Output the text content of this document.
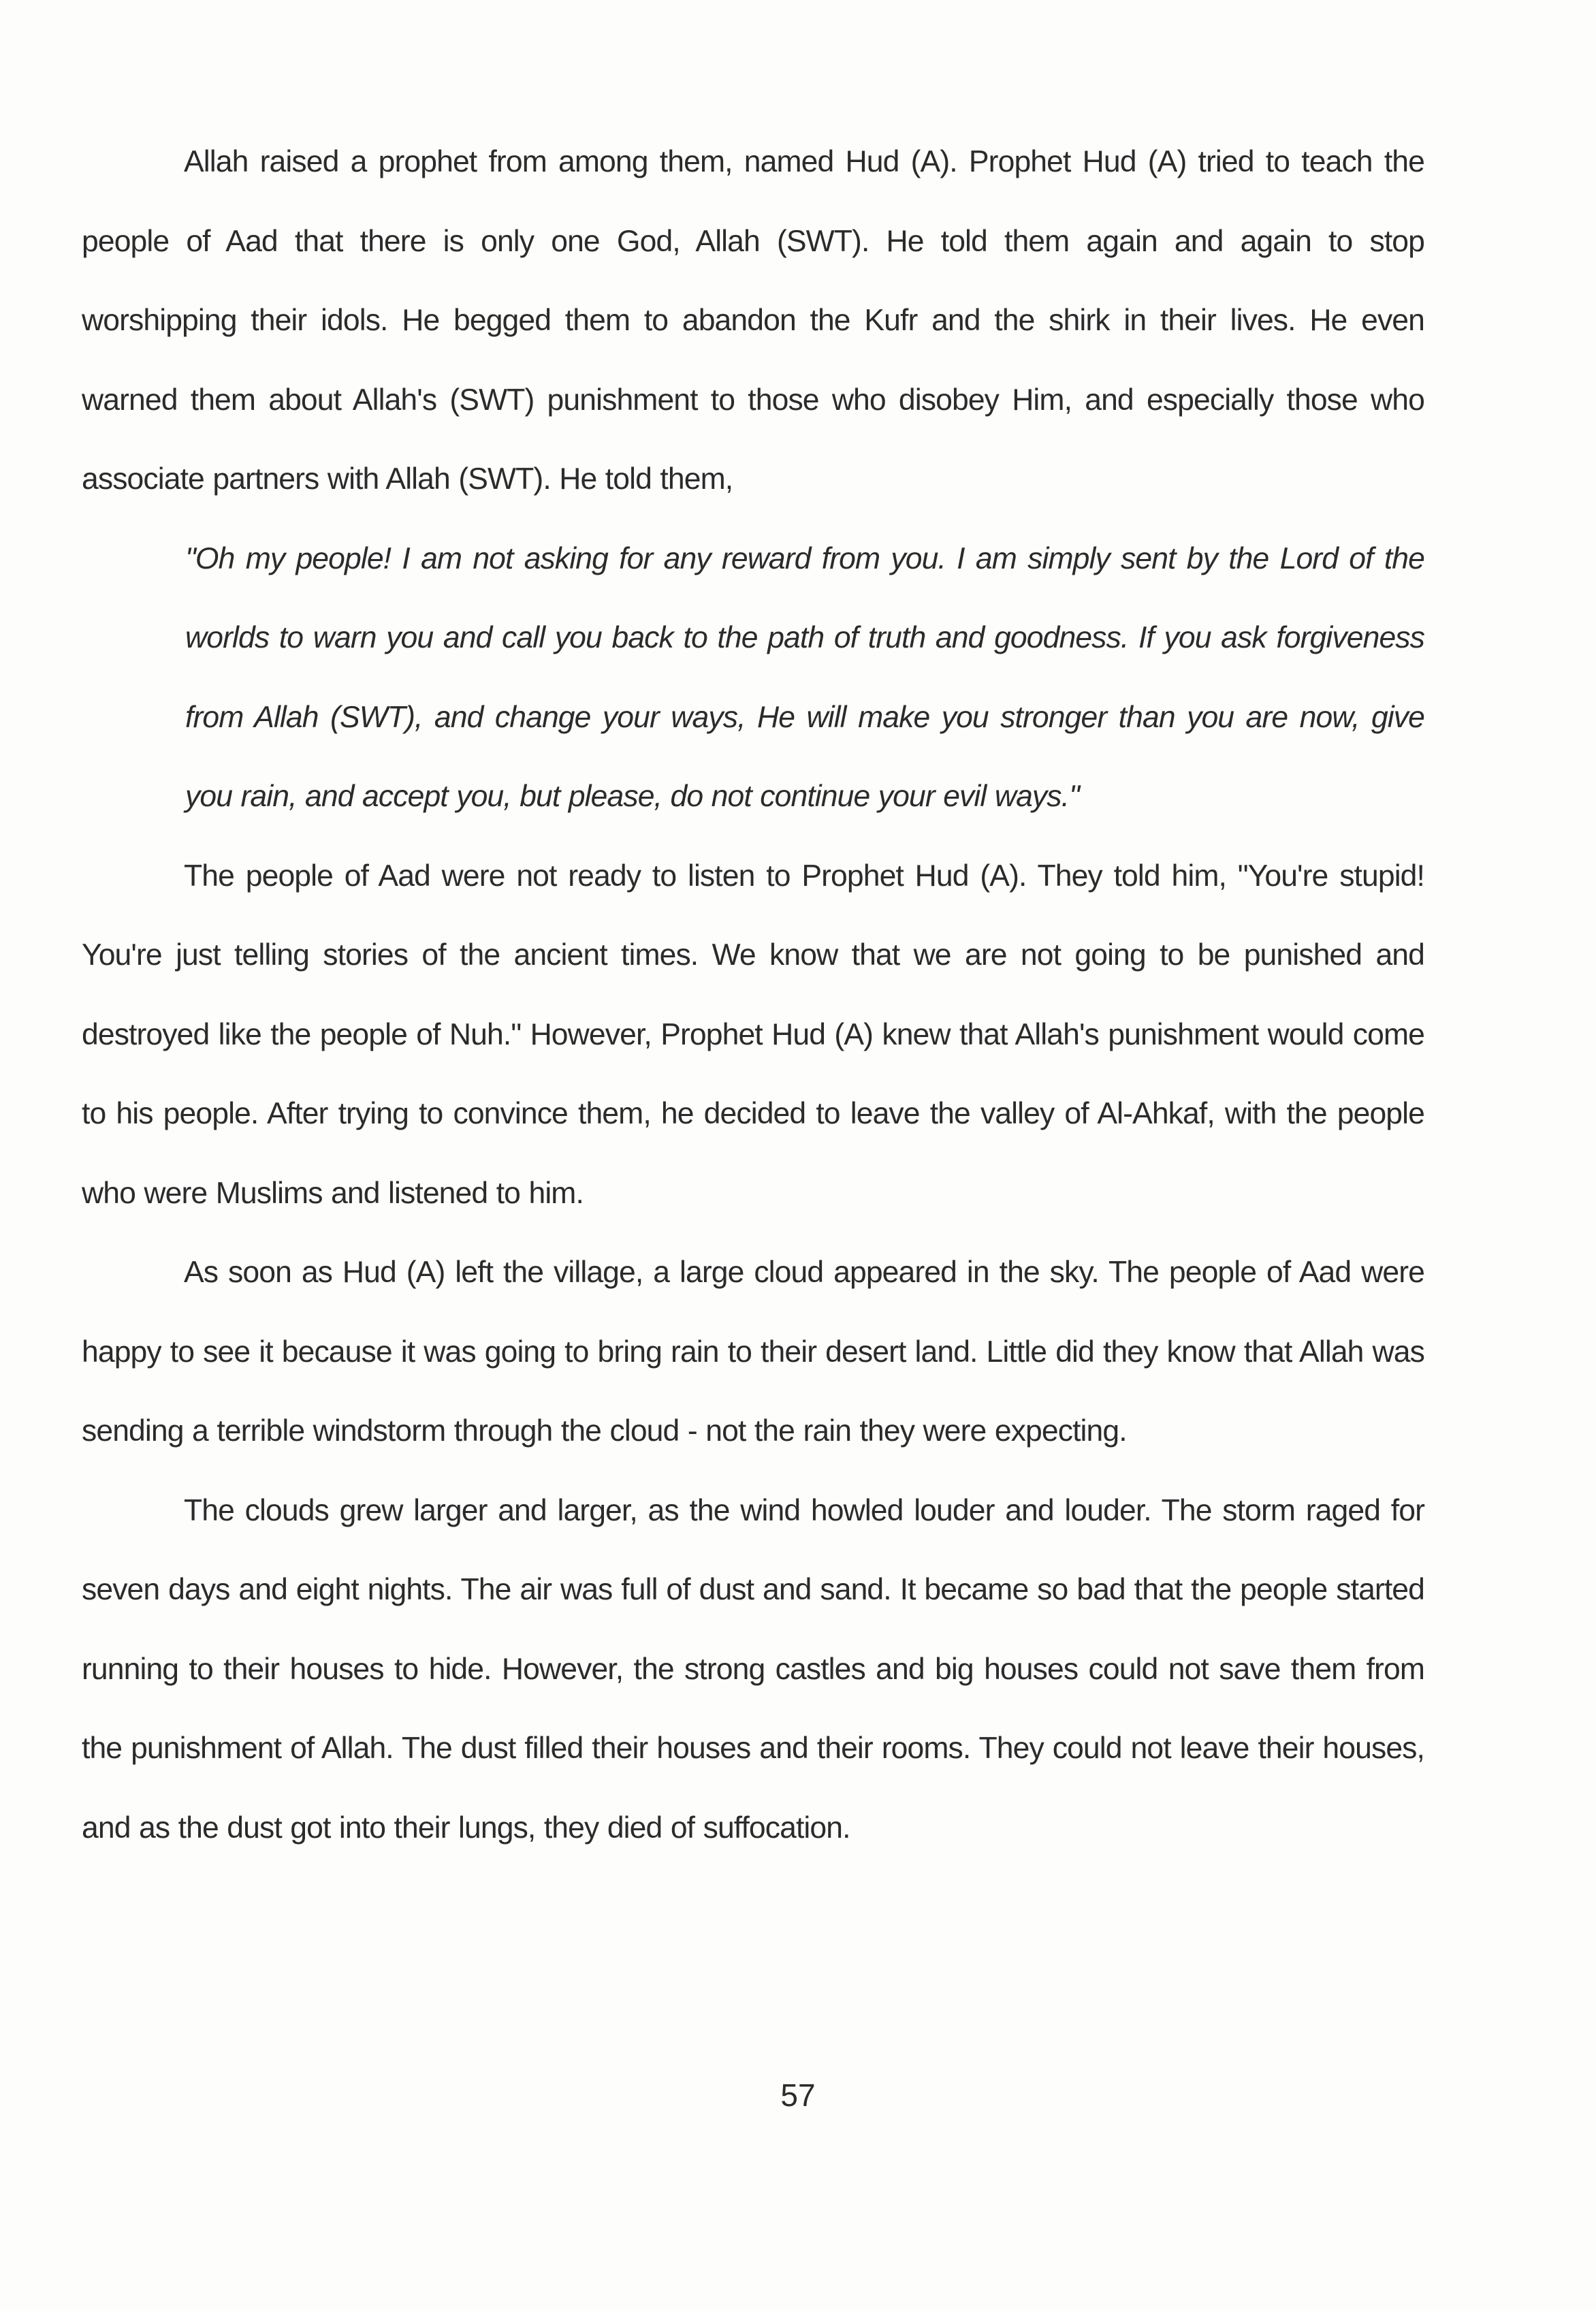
Allah raised a prophet from among them, named Hud (A). Prophet Hud (A) tried to teach the people of Aad that there is only one God, Allah (SWT). He told them again and again to stop worshipping their idols. He begged them to abandon the Kufr and the shirk in their lives. He even warned them about Allah's (SWT) punishment to those who disobey Him, and especially those who associate partners with Allah (SWT). He told them,

"Oh my people! I am not asking for any reward from you. I am simply sent by the Lord of the worlds to warn you and call you back to the path of truth and goodness. If you ask forgiveness from Allah (SWT), and change your ways, He will make you stronger than you are now, give you rain, and accept you, but please, do not continue your evil ways."

The people of Aad were not ready to listen to Prophet Hud (A). They told him, "You're stupid! You're just telling stories of the ancient times. We know that we are not going to be punished and destroyed like the people of Nuh." However, Prophet Hud (A) knew that Allah's punishment would come to his people. After trying to convince them, he decided to leave the valley of Al-Ahkaf, with the people who were Muslims and listened to him.

As soon as Hud (A) left the village, a large cloud appeared in the sky. The people of Aad were happy to see it because it was going to bring rain to their desert land. Little did they know that Allah was sending a terrible windstorm through the cloud - not the rain they were expecting.

The clouds grew larger and larger, as the wind howled louder and louder. The storm raged for seven days and eight nights. The air was full of dust and sand. It became so bad that the people started running to their houses to hide. However, the strong castles and big houses could not save them from the punishment of Allah. The dust filled their houses and their rooms. They could not leave their houses, and as the dust got into their lungs, they died of suffocation.

57
